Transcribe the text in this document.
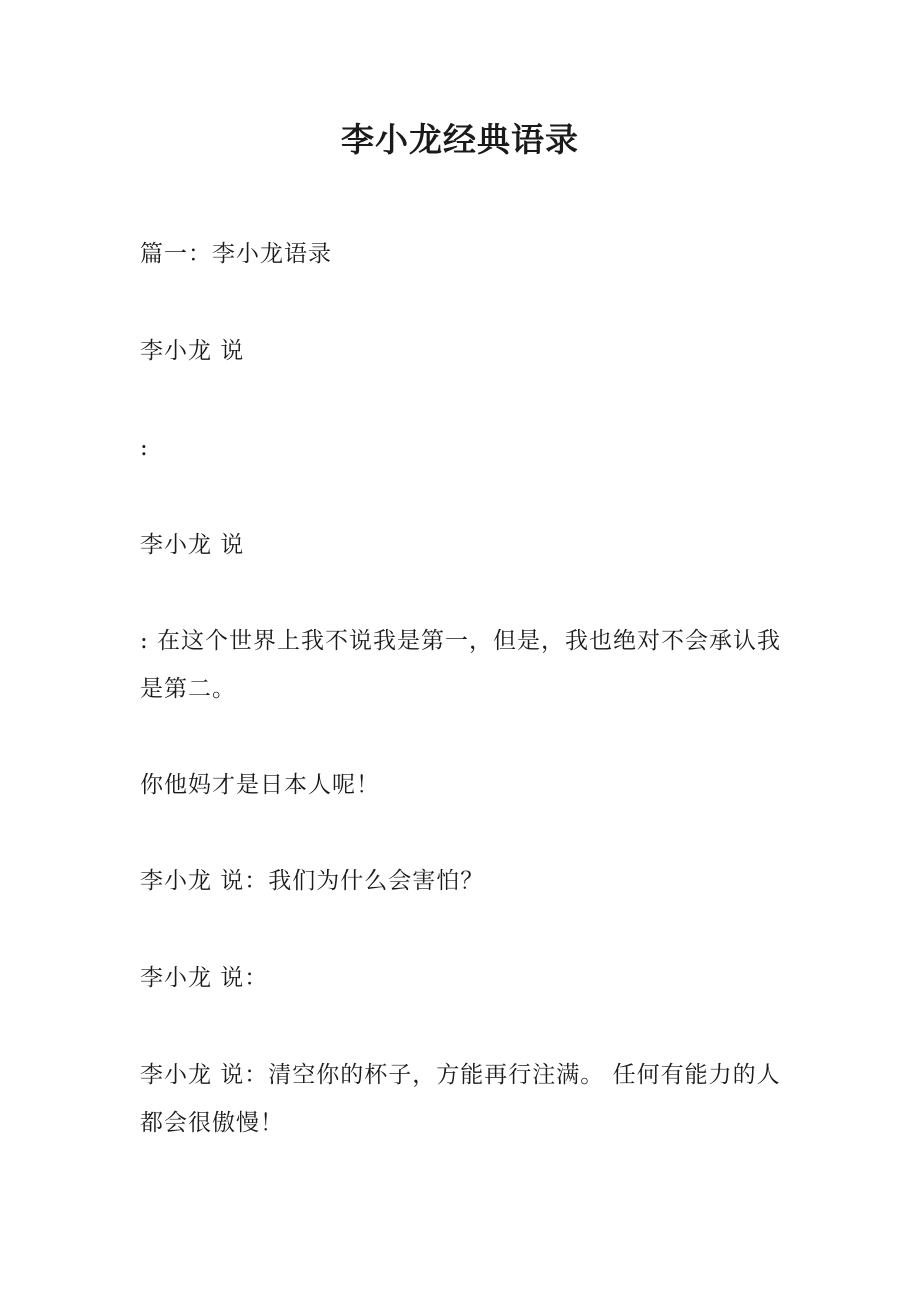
李小龙经典语录

篇一：李小龙语录

李小龙 说

:

李小龙 说

: 在这个世界上我不说我是第一，但是，我也绝对不会承认我是第二。

你他妈才是日本人呢！

李小龙 说：我们为什么会害怕？

李小龙 说：

李小龙 说：清空你的杯子，方能再行注满。 任何有能力的人都会很傲慢！
